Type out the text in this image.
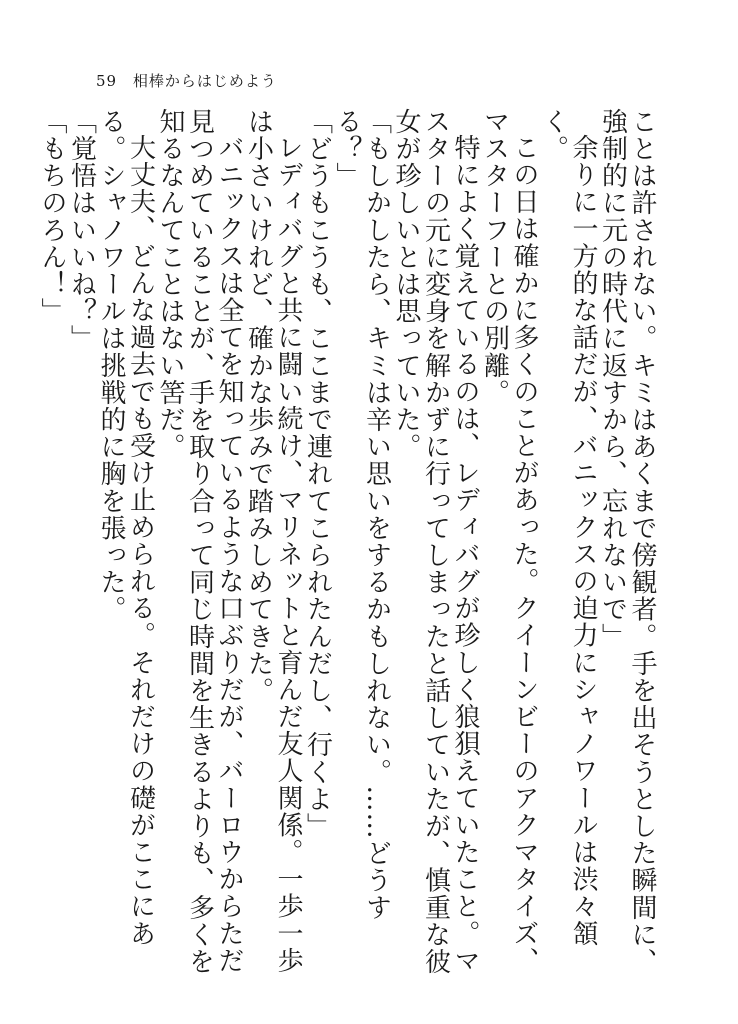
59 相棒からはじめよう

ことは許されない。キミはあくまで傍観者。手を出そうとした瞬間に、強制的に元の時代に返すから、忘れないで」

余りに一方的な話だが、バニックスの迫力にシャノワールは渋々頷く。

この日は確かに多くのことがあった。クイーンビーのアクマタイズ、マスターフーとの別離。

特によく覚えているのは、レディバグが珍しく狼狽えていたこと。マスターの元に変身を解かずに行ってしまったと話していたが、慎重な彼女が珍しいとは思っていた。

「もしかしたら、キミは辛い思いをするかもしれない。……どうする？」

「どうもこうも、ここまで連れてこられたんだし、行くよ」

レディバグと共に闘い続け、マリネットと育んだ友人関係。一歩一歩は小さいけれど、確かな歩みで踏みしめてきた。

バニックスは全てを知っているような口ぶりだが、バーロウからただ見つめていることが、手を取り合って同じ時間を生きるよりも、多くを知るなんてことはない筈だ。

大丈夫、どんな過去でも受け止められる。それだけの礎がここにある。シャノワールは挑戦的に胸を張った。

「覚悟はいいね？」

「もちのろん！」
